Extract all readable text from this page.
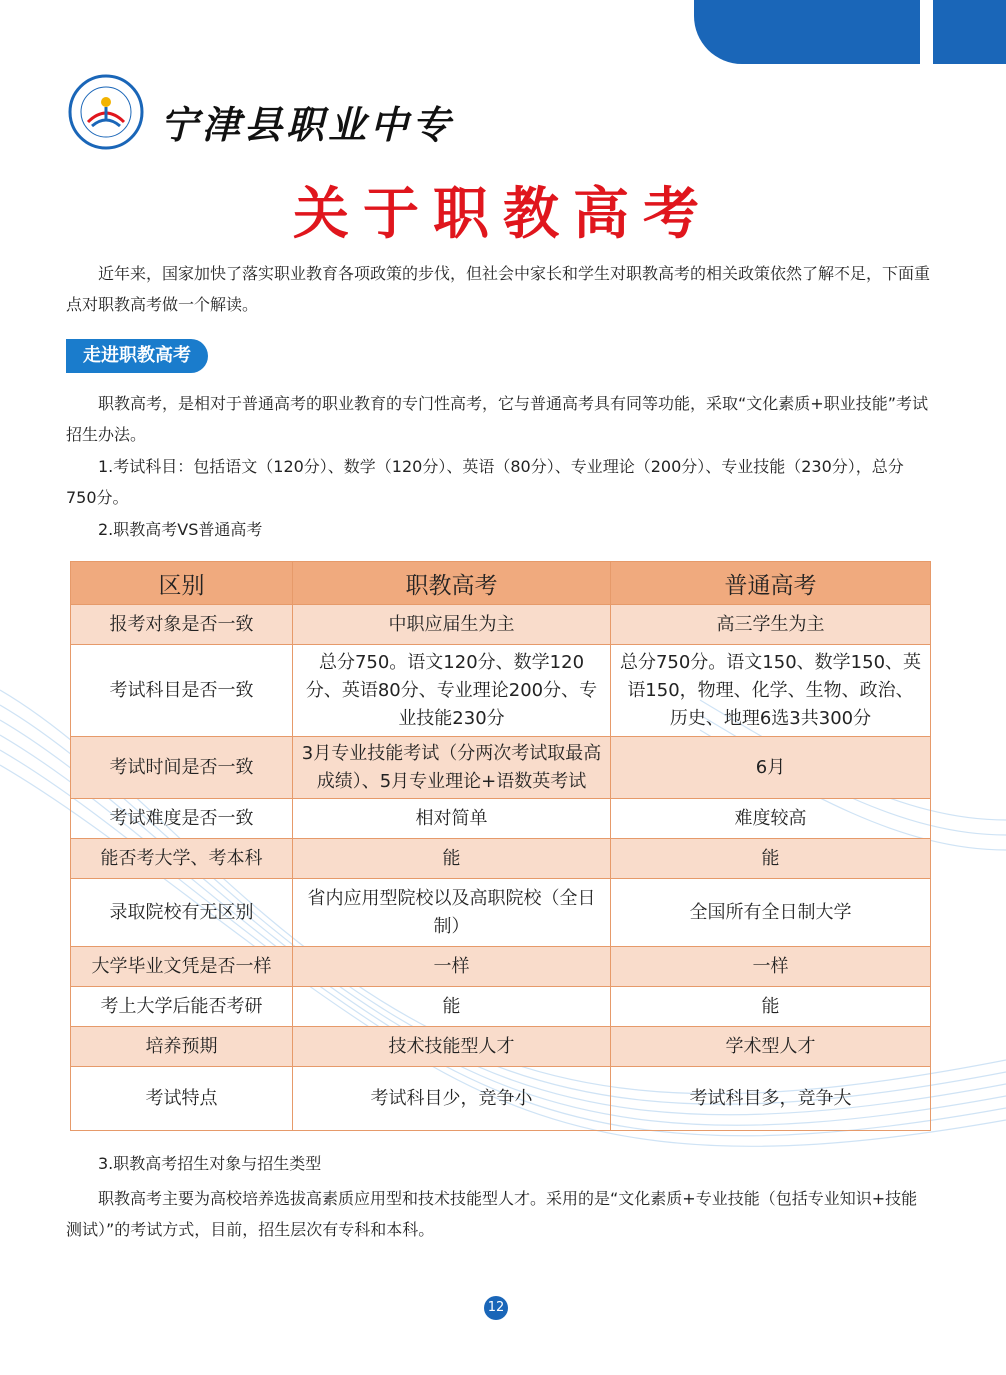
宁津县职业中专
关于职教高考

近年来，国家加快了落实职业教育各项政策的步伐，但社会中家长和学生对职教高考的相关政策依然了解不足，下面重点对职教高考做一个解读。

走进职教高考

职教高考，是相对于普通高考的职业教育的专门性高考，它与普通高考具有同等功能，采取“文化素质+职业技能”考试招生办法。

1.考试科目：包括语文（120分）、数学（120分）、英语（80分）、专业理论（200分）、专业技能（230分），总分750分。

2.职教高考VS普通高考

区别	职教高考	普通高考
报考对象是否一致	中职应届生为主	高三学生为主
考试科目是否一致	总分750。语文120分、数学120分、英语80分、专业理论200分、专业技能230分	总分750分。语文150、数学150、英语150，物理、化学、生物、政治、历史、地理6选3共300分
考试时间是否一致	3月专业技能考试（分两次考试取最高成绩）、5月专业理论+语数英考试	6月
考试难度是否一致	相对简单	难度较高
能否考大学、考本科	能	能
录取院校有无区别	省内应用型院校以及高职院校（全日制）	全国所有全日制大学
大学毕业文凭是否一样	一样	一样
考上大学后能否考研	能	能
培养预期	技术技能型人才	学术型人才
考试特点	考试科目少，竞争小	考试科目多，竞争大

3.职教高考招生对象与招生类型

职教高考主要为高校培养选拔高素质应用型和技术技能型人才。采用的是“文化素质+专业技能（包括专业知识+技能测试）”的考试方式，目前，招生层次有专科和本科。

12
